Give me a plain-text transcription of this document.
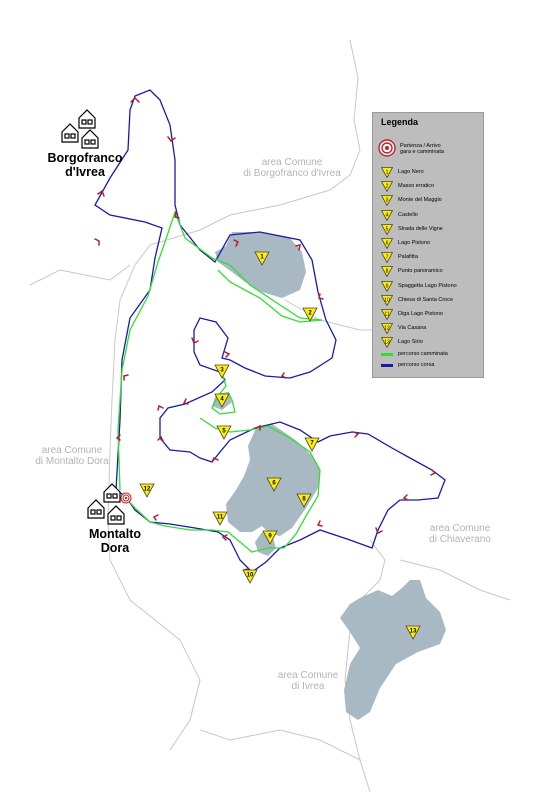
1
2
3
4
5
6
7
8
9
10
11
12
13
Borgofranco
d'Ivrea
Montalto
Dora
area Comune
di Borgofranco d'Ivrea
area Comune
di Montalto Dora
area Comune
di Chiaverano
area Comune
di Ivrea
Legenda
Partenza / Arrivo
gara e camminata
1 Lago Nero
2 Masso erratico
3 Monte del Maggio
4 Castello
5 Strada delle Vigne
6 Lago Pistono
7 Palafitta
8 Punto panoramico
9 Spaggetta Lago Pistono
10 Chiesa di Santa Croce
11 Diga Lago Pistono
12 Via Casana
13 Lago Sirio
percorso camminata
percorso corsa
